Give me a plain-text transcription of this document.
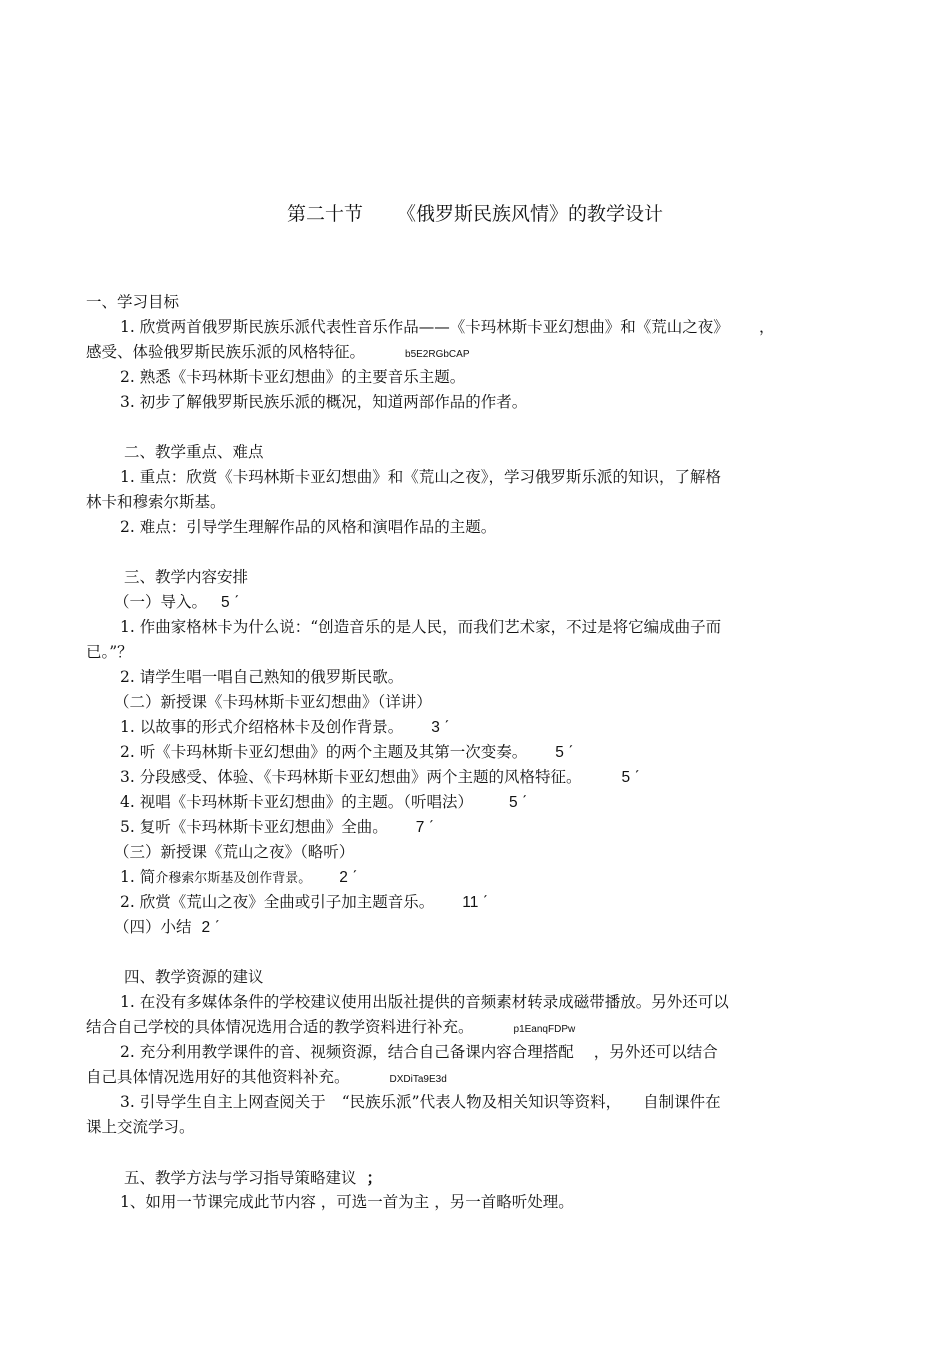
第二十节 《俄罗斯民族风情》的教学设计
一、学习目标
1. 欣赏两首俄罗斯民族乐派代表性音乐作品——《卡玛林斯卡亚幻想曲》和《荒山之夜》 ，
感受、体验俄罗斯民族乐派的风格特征。	b5E2RGbCAP
2. 熟悉《卡玛林斯卡亚幻想曲》的主要音乐主题。
3. 初步了解俄罗斯民族乐派的概况，知道两部作品的作者。
二、教学重点、难点
1. 重点：欣赏《卡玛林斯卡亚幻想曲》和《荒山之夜》，学习俄罗斯乐派的知识，了解格
林卡和穆索尔斯基。
2. 难点：引导学生理解作品的风格和演唱作品的主题。
三、教学内容安排
（一）导入。 5 ˊ
1. 作曲家格林卡为什么说：“创造音乐的是人民，而我们艺术家，不过是将它编成曲子而
已。”？
2. 请学生唱一唱自己熟知的俄罗斯民歌。
（二）新授课《卡玛林斯卡亚幻想曲》（详讲）
1. 以故事的形式介绍格林卡及创作背景。 3 ˊ
2. 听《卡玛林斯卡亚幻想曲》的两个主题及其第一次变奏。 5 ˊ
3. 分段感受、体验、《卡玛林斯卡亚幻想曲》两个主题的风格特征。	5 ˊ
4. 视唱《卡玛林斯卡亚幻想曲》的主题。（听唱法） 5 ˊ
5. 复听《卡玛林斯卡亚幻想曲》全曲。 7 ˊ
（三）新授课《荒山之夜》（略听）
1. 简介穆索尔斯基及创作背景。 2 ˊ
2. 欣赏《荒山之夜》全曲或引子加主题音乐。 11 ˊ
（四）小结 2 ˊ
四、教学资源的建议
1. 在没有多媒体条件的学校建议使用出版社提供的音频素材转录成磁带播放。另外还可以
结合自己学校的具体情况选用合适的教学资料进行补充。	p1EanqFDPw
2. 充分利用教学课件的音、视频资源，结合自己备课内容合理搭配 ，另外还可以结合
自己具体情况选用好的其他资料补充。	DXDiTa9E3d
3. 引导学生自主上网查阅关于 “民族乐派”代表人物及相关知识等资料， 自制课件在
课上交流学习。
五、教学方法与学习指导策略建议 ；
1、如用一节课完成此节内容 ，可选一首为主 ，另一首略听处理。
